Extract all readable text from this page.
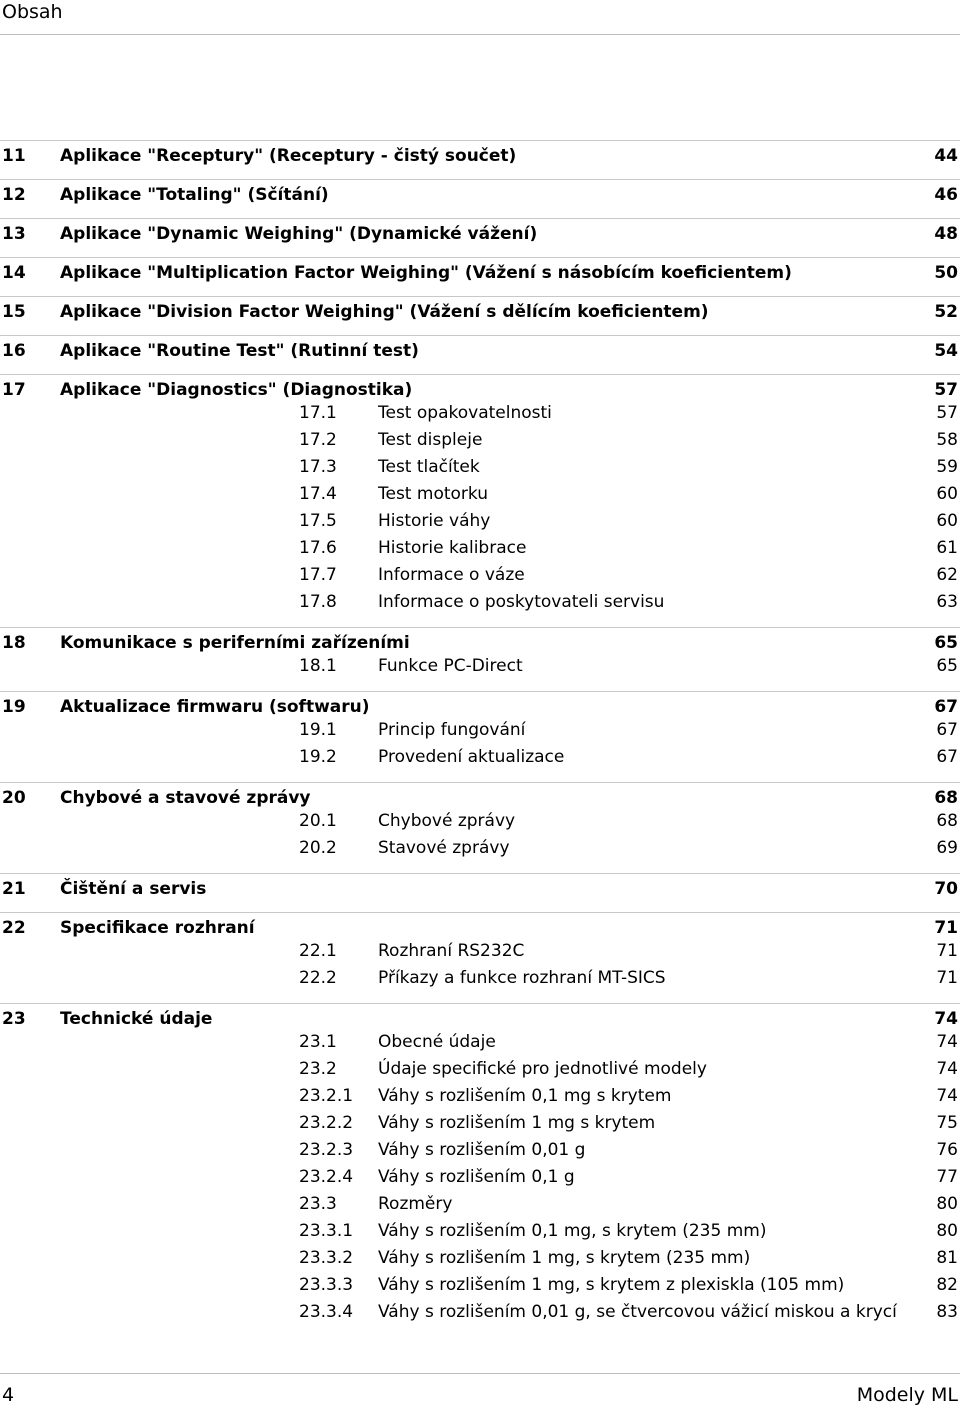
Obsah
11 Aplikace "Receptury" (Receptury - čistý součet)	44
12 Aplikace "Totaling" (Sčítání)	46
13 Aplikace "Dynamic Weighing" (Dynamické vážení)	48
14 Aplikace "Multiplication Factor Weighing" (Vážení s násobícím koeficientem)	50
15 Aplikace "Division Factor Weighing" (Vážení s dělícím koeficientem)	52
16 Aplikace "Routine Test" (Rutinní test)	54
17 Aplikace "Diagnostics" (Diagnostika)	57
17.1 Test opakovatelnosti	57
17.2 Test displeje	58
17.3 Test tlačítek	59
17.4 Test motorku	60
17.5 Historie váhy	60
17.6 Historie kalibrace	61
17.7 Informace o váze	62
17.8 Informace o poskytovateli servisu	63
18 Komunikace s periferními zařízeními	65
18.1 Funkce PC-Direct	65
19 Aktualizace firmwaru (softwaru)	67
19.1 Princip fungování	67
19.2 Provedení aktualizace	67
20 Chybové a stavové zprávy	68
20.1 Chybové zprávy	68
20.2 Stavové zprávy	69
21 Čištění a servis	70
22 Specifikace rozhraní	71
22.1 Rozhraní RS232C	71
22.2 Příkazy a funkce rozhraní MT-SICS	71
23 Technické údaje	74
23.1 Obecné údaje	74
23.2 Údaje specifické pro jednotlivé modely	74
23.2.1 Váhy s rozlišením 0,1 mg s krytem	74
23.2.2 Váhy s rozlišením 1 mg s krytem	75
23.2.3 Váhy s rozlišením 0,01 g	76
23.2.4 Váhy s rozlišením 0,1 g	77
23.3 Rozměry	80
23.3.1 Váhy s rozlišením 0,1 mg, s krytem (235 mm)	80
23.3.2 Váhy s rozlišením 1 mg, s krytem (235 mm)	81
23.3.3 Váhy s rozlišením 1 mg, s krytem z plexiskla (105 mm)	82
23.3.4 Váhy s rozlišením 0,01 g, se čtvercovou vážicí miskou a krycí 83
4	Modely ML
